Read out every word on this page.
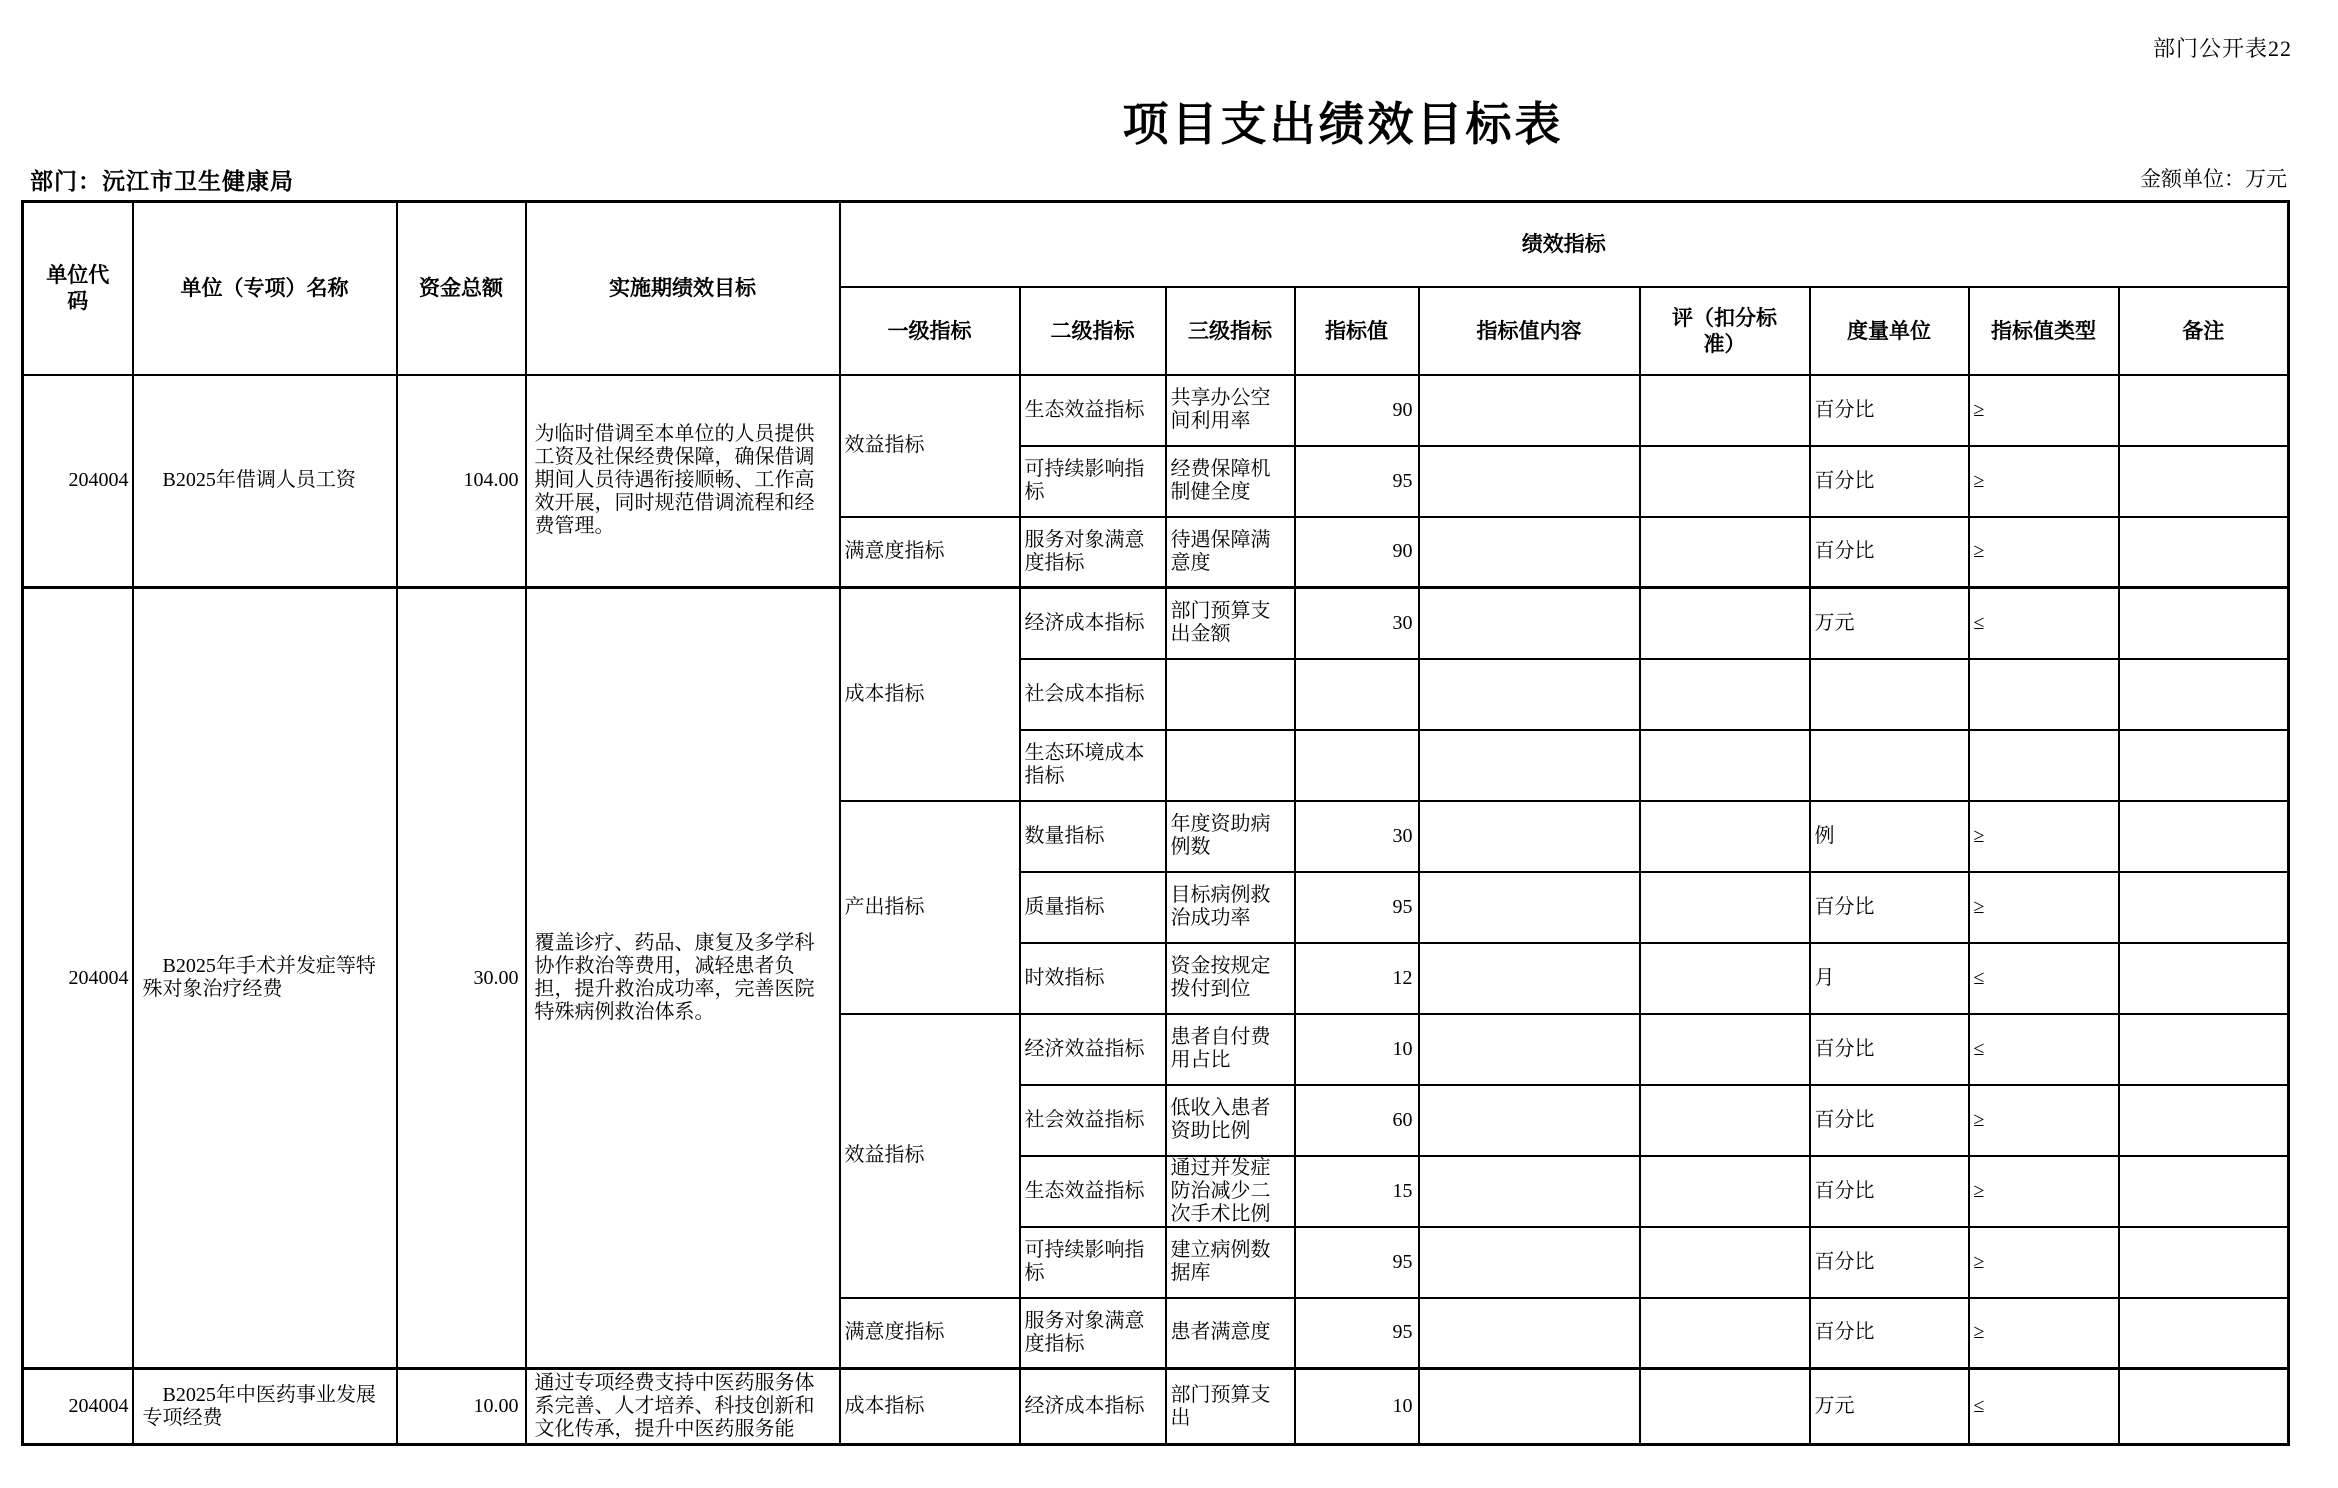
部门公开表22
项目支出绩效目标表
部门：沅江市卫生健康局	金额单位：万元
单位代码	单位（专项）名称	资金总额	实施期绩效目标	绩效指标								
				一级指标	二级指标	三级指标	指标值	指标值内容	评（扣分标准）	度量单位	指标值类型	备注
204004	B2025年借调人员工资	104.00	为临时借调至本单位的人员提供工资及社保经费保障，确保借调期间人员待遇衔接顺畅、工作高效开展，同时规范借调流程和经费管理。	效益指标	生态效益指标	共享办公空间利用率	90			百分比	≥	
					可持续影响指标	经费保障机制健全度	95			百分比	≥	
				满意度指标	服务对象满意度指标	待遇保障满意度	90			百分比	≥	
204004	B2025年手术并发症等特殊对象治疗经费	30.00	覆盖诊疗、药品、康复及多学科协作救治等费用，减轻患者负担，提升救治成功率，完善医院特殊病例救治体系。	成本指标	经济成本指标	部门预算支出金额	30			万元	≤	
					社会成本指标							
					生态环境成本指标							
				产出指标	数量指标	年度资助病例数	30			例	≥	
					质量指标	目标病例救治成功率	95			百分比	≥	
					时效指标	资金按规定拨付到位	12			月	≤	
				效益指标	经济效益指标	患者自付费用占比	10			百分比	≤	
					社会效益指标	低收入患者资助比例	60			百分比	≥	
					生态效益指标	通过并发症防治减少二次手术比例	15			百分比	≥	
					可持续影响指标	建立病例数据库	95			百分比	≥	
				满意度指标	服务对象满意度指标	患者满意度	95			百分比	≥	
204004	B2025年中医药事业发展专项经费	10.00	通过专项经费支持中医药服务体系完善、人才培养、科技创新和文化传承，提升中医药服务能	成本指标	经济成本指标	部门预算支出	10			万元	≤	
